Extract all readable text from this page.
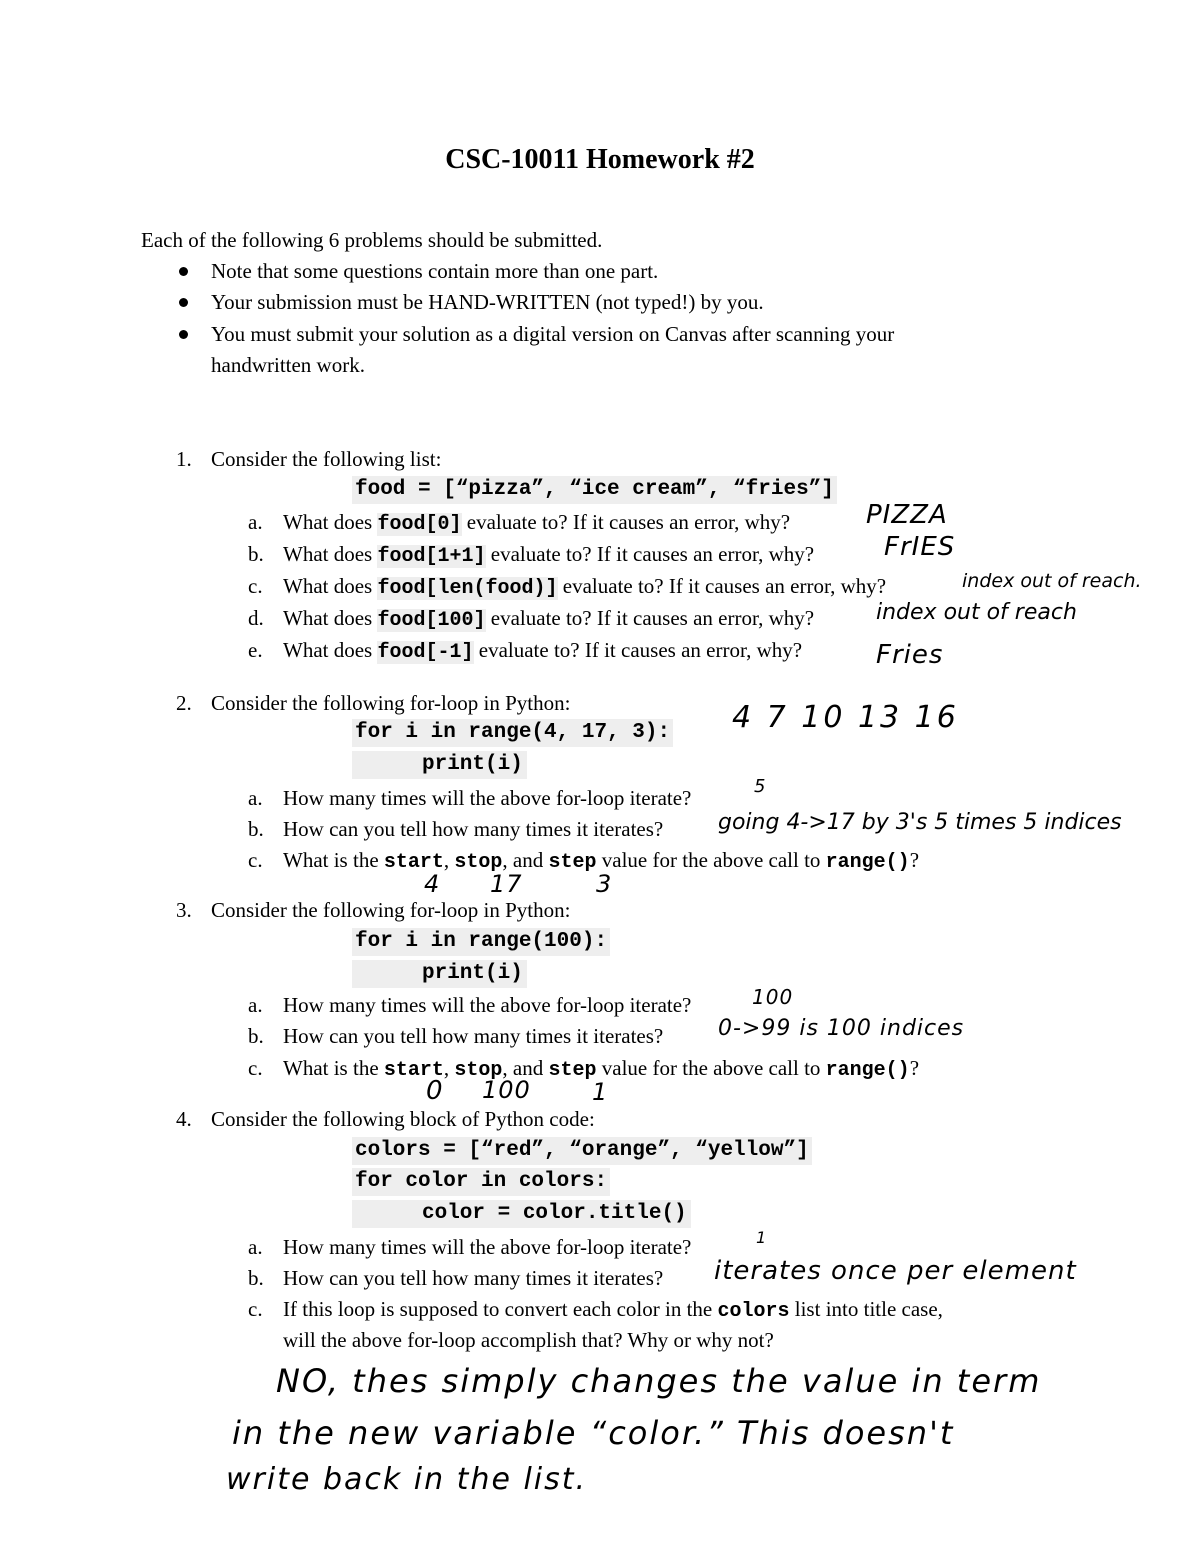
CSC-10011 Homework #2
Each of the following 6 problems should be submitted.
Note that some questions contain more than one part.
Your submission must be HAND-WRITTEN (not typed!) by you.
You must submit your solution as a digital version on Canvas after scanning your
handwritten work.
1. Consider the following list:
food = [“pizza”, “ice cream”, “fries”]
a. What does food[0] evaluate to? If it causes an error, why?
b. What does food[1+1] evaluate to? If it causes an error, why?
c. What does food[len(food)] evaluate to? If it causes an error, why?
d. What does food[100] evaluate to? If it causes an error, why?
e. What does food[-1] evaluate to? If it causes an error, why?
PIZZA
FrIES
index out of reach.
index out of reach
Fries
2. Consider the following for-loop in Python:
for i in range(4, 17, 3):
print(i)
4 7 10 13 16
a. How many times will the above for-loop iterate?	5
b. How can you tell how many times it iterates? going 4->17 by 3's 5 times 5 indices
c. What is the start, stop, and step value for the above call to range()?
4 17	3
3. Consider the following for-loop in Python:
for i in range(100):
print(i)
a. How many times will the above for-loop iterate?	100
b. How can you tell how many times it iterates? 0->99 is 100 indices
c. What is the start, stop, and step value for the above call to range()?
0 100	1
4. Consider the following block of Python code:
colors = [“red”, “orange”, “yellow”]
for color in colors:
color = color.title()
a. How many times will the above for-loop iterate?	1
b. How can you tell how many times it iterates? iterates once per element
c. If this loop is supposed to convert each color in the colors list into title case,
will the above for-loop accomplish that? Why or why not?
NO, thes simply changes the value in term
in the new variable “color.” This doesn't
write back in the list.
